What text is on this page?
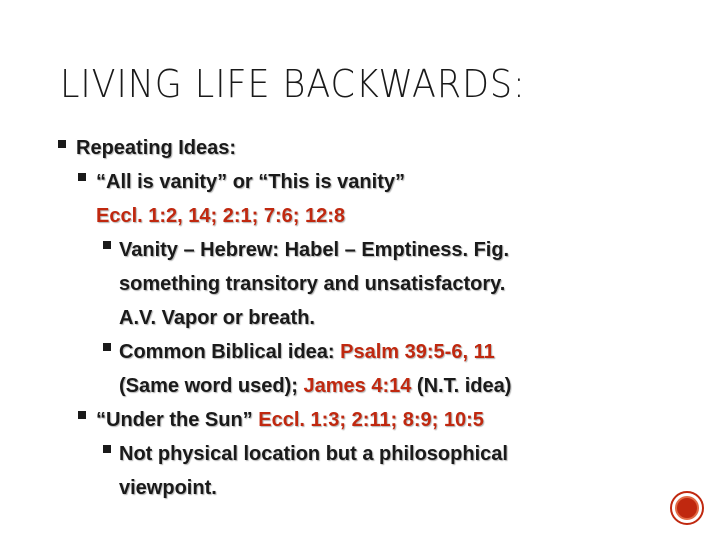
LIVING LIFE BACKWARDS:
Repeating Ideas:
“All is vanity” or “This is vanity”
Eccl. 1:2, 14; 2:1; 7:6; 12:8
Vanity – Hebrew: Habel – Emptiness. Fig.
something transitory and unsatisfactory.
A.V. Vapor or breath.
Common Biblical idea: Psalm 39:5-6, 11
(Same word used); James 4:14 (N.T. idea)
“Under the Sun” Eccl. 1:3; 2:11; 8:9; 10:5
Not physical location but a philosophical
viewpoint.
